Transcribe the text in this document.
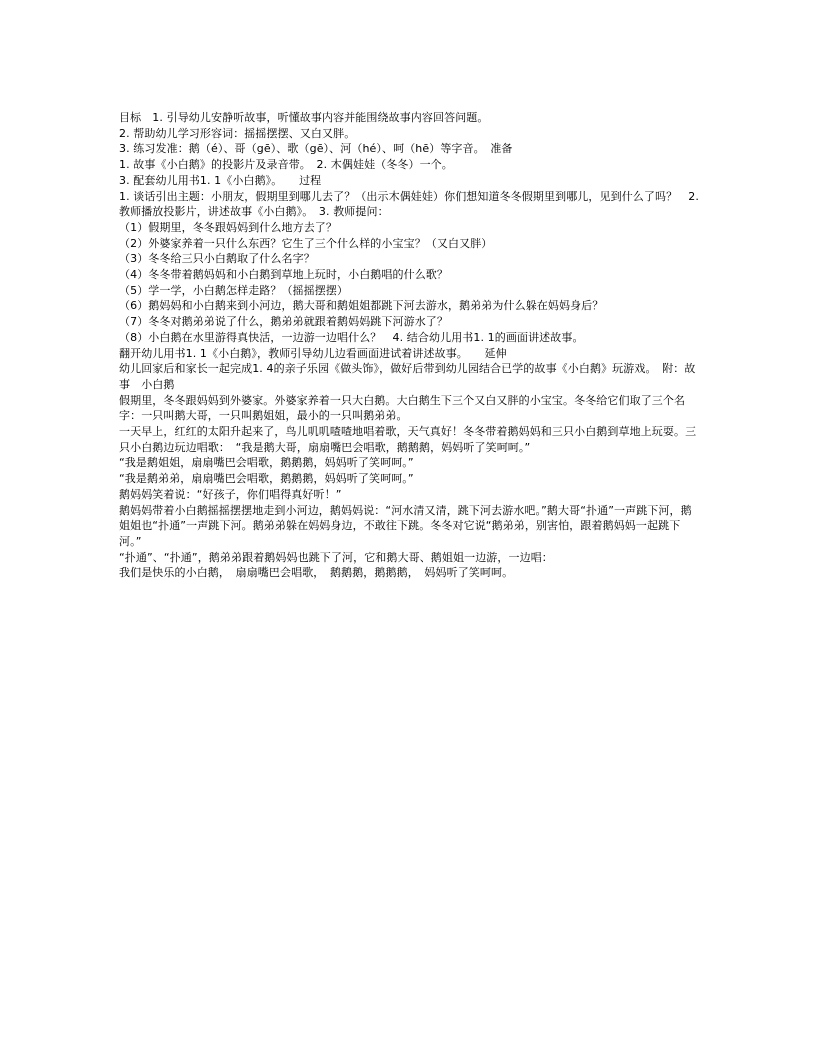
目标　1. 引导幼儿安静听故事，听懂故事内容并能围绕故事内容回答问题。

2. 帮助幼儿学习形容词：摇摇摆摆、又白又胖。

3. 练习发准：鹅（é）、哥（gē）、歌（gē）、河（hé）、呵（hē）等字音。　准备

1. 故事《小白鹅》的投影片及录音带。　2. 木偶娃娃（冬冬）一个。

3. 配套幼儿用书1. 1《小白鹅》。　　过程

1. 谈话引出主题：小朋友，假期里到哪儿去了？（出示木偶娃娃）你们想知道冬冬假期里到哪儿，见到什么了吗？　2. 教师播放投影片，讲述故事《小白鹅》。　3. 教师提问：

（1）假期里，冬冬跟妈妈到什么地方去了？

（2）外婆家养着一只什么东西？它生了三个什么样的小宝宝？（又白又胖）

（3）冬冬给三只小白鹅取了什么名字？

（4）冬冬带着鹅妈妈和小白鹅到草地上玩时，小白鹅唱的什么歌？

（5）学一学，小白鹅怎样走路？（摇摇摆摆）

（6）鹅妈妈和小白鹅来到小河边，鹅大哥和鹅姐姐都跳下河去游水，鹅弟弟为什么躲在妈妈身后？

（7）冬冬对鹅弟弟说了什么，鹅弟弟就跟着鹅妈妈跳下河游水了？

（8）小白鹅在水里游得真快活，一边游一边唱什么？　4. 结合幼儿用书1. 1的画面讲述故事。

翻开幼儿用书1. 1《小白鹅》，教师引导幼儿边看画面进试着讲述故事。　　延伸

幼儿回家后和家长一起完成1. 4的亲子乐园《做头饰》，做好后带到幼儿园结合已学的故事《小白鹅》玩游戏。　附：故事　小白鹅

假期里，冬冬跟妈妈到外婆家。外婆家养着一只大白鹅。大白鹅生下三个又白又胖的小宝宝。冬冬给它们取了三个名字：一只叫鹅大哥，一只叫鹅姐姐，最小的一只叫鹅弟弟。

一天早上，红红的太阳升起来了，鸟儿叽叽喳喳地唱着歌，天气真好！冬冬带着鹅妈妈和三只小白鹅到草地上玩耍。三只小白鹅边玩边唱歌：　“我是鹅大哥，扇扇嘴巴会唱歌，鹅鹅鹅，妈妈听了笑呵呵。”

“我是鹅姐姐，扇扇嘴巴会唱歌，鹅鹅鹅，妈妈听了笑呵呵。”

“我是鹅弟弟，扇扇嘴巴会唱歌，鹅鹅鹅，妈妈听了笑呵呵。”

鹅妈妈笑着说：“好孩子，你们唱得真好听！”

鹅妈妈带着小白鹅摇摇摆摆地走到小河边，鹅妈妈说：“河水清又清，跳下河去游水吧。”鹅大哥“扑通”一声跳下河，鹅姐姐也“扑通”一声跳下河。鹅弟弟躲在妈妈身边，不敢往下跳。冬冬对它说“鹅弟弟，别害怕，跟着鹅妈妈一起跳下河。”

“扑通”、“扑通”，鹅弟弟跟着鹅妈妈也跳下了河，它和鹅大哥、鹅姐姐一边游，一边唱：

我们是快乐的小白鹅，　扇扇嘴巴会唱歌，　鹅鹅鹅，鹅鹅鹅，　妈妈听了笑呵呵。
